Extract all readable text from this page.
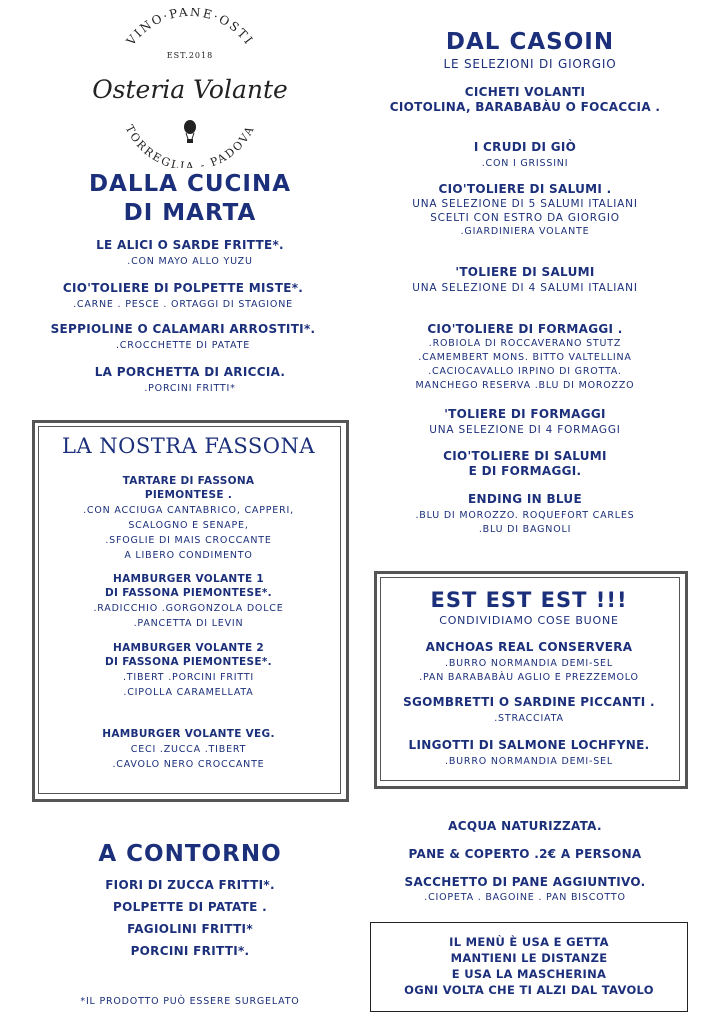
VINO·PANE·OSTI
EST.2018
Osteria Volante
TORREGLIA - PADOVA
DALLA CUCINA
DI MARTA
LE ALICI O SARDE FRITTE*.
.CON MAYO ALLO YUZU
CIO'TOLIERE DI POLPETTE MISTE*.
.CARNE . PESCE . ORTAGGI DI STAGIONE
SEPPIOLINE O CALAMARI ARROSTITI*.
.CROCCHETTE DI PATATE
LA PORCHETTA DI ARICCIA.
.PORCINI FRITTI*
LA NOSTRA FASSONA
TARTARE DI FASSONA
PIEMONTESE .
.CON ACCIUGA CANTABRICO, CAPPERI,
SCALOGNO E SENAPE,
.SFOGLIE DI MAIS CROCCANTE
A LIBERO CONDIMENTO
HAMBURGER VOLANTE 1
DI FASSONA PIEMONTESE*.
.RADICCHIO .GORGONZOLA DOLCE
.PANCETTA DI LEVIN
HAMBURGER VOLANTE 2
DI FASSONA PIEMONTESE*.
.TIBERT .PORCINI FRITTI
.CIPOLLA CARAMELLATA
HAMBURGER VOLANTE VEG.
CECI .ZUCCA .TIBERT
.CAVOLO NERO CROCCANTE
A CONTORNO
FIORI DI ZUCCA FRITTI*.
POLPETTE DI PATATE .
FAGIOLINI FRITTI*
PORCINI FRITTI*.
*IL PRODOTTO PUÒ ESSERE SURGELATO
DAL CASOIN
LE SELEZIONI DI GIORGIO
CICHETI VOLANTI
CIOTOLINA, BARABABÀU O FOCACCIA .
I CRUDI DI GIÒ
.CON I GRISSINI
CIO'TOLIERE DI SALUMI .
UNA SELEZIONE DI 5 SALUMI ITALIANI
SCELTI CON ESTRO DA GIORGIO
.GIARDINIERA VOLANTE
'TOLIERE DI SALUMI
UNA SELEZIONE DI 4 SALUMI ITALIANI
CIO'TOLIERE DI FORMAGGI .
.ROBIOLA DI ROCCAVERANO STUTZ
.CAMEMBERT MONS. BITTO VALTELLINA
.CACIOCAVALLO IRPINO DI GROTTA.
MANCHEGO RESERVA .BLU DI MOROZZO
'TOLIERE DI FORMAGGI
UNA SELEZIONE DI 4 FORMAGGI
CIO'TOLIERE DI SALUMI
E DI FORMAGGI.
ENDING IN BLUE
.BLU DI MOROZZO. ROQUEFORT CARLES
.BLU DI BAGNOLI
EST EST EST !!!
CONDIVIDIAMO COSE BUONE
ANCHOAS REAL CONSERVERA
.BURRO NORMANDIA DEMI-SEL
.PAN BARABABÀU AGLIO E PREZZEMOLO
SGOMBRETTI O SARDINE PICCANTI .
.STRACCIATA
LINGOTTI DI SALMONE LOCHFYNE.
.BURRO NORMANDIA DEMI-SEL
ACQUA NATURIZZATA.
PANE & COPERTO .2€ A PERSONA
SACCHETTO DI PANE AGGIUNTIVO.
.CIOPETA . BAGOINE . PAN BISCOTTO
IL MENÙ È USA E GETTA
MANTIENI LE DISTANZE
E USA LA MASCHERINA
OGNI VOLTA CHE TI ALZI DAL TAVOLO
